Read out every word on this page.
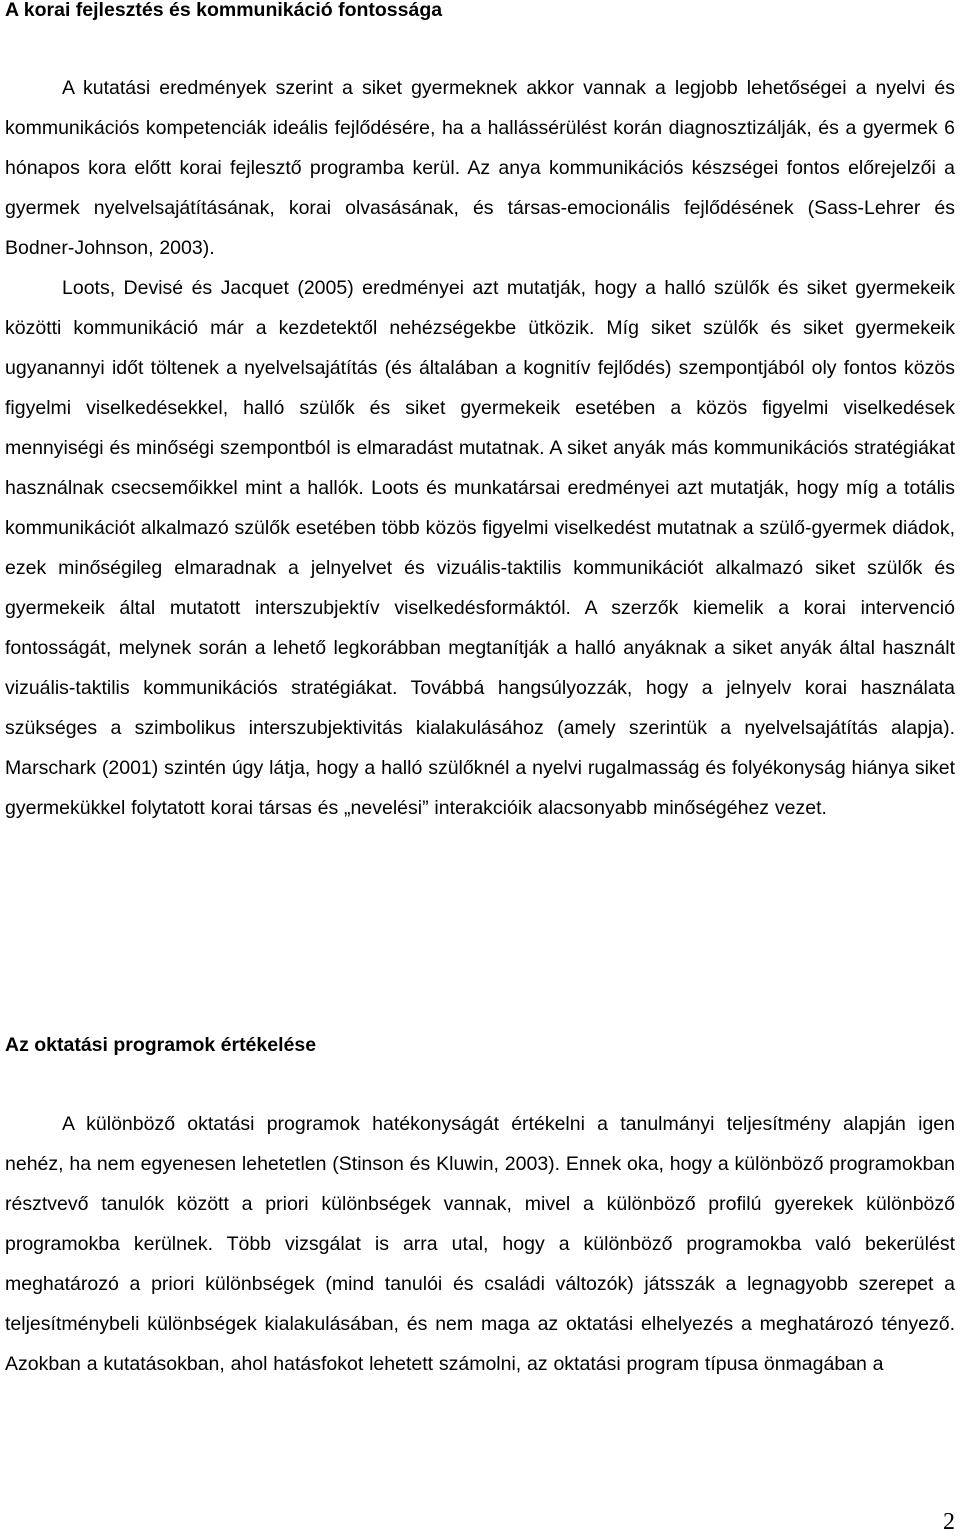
A korai fejlesztés és kommunikáció fontossága
A kutatási eredmények szerint a siket gyermeknek akkor vannak a legjobb lehetőségei a nyelvi és kommunikációs kompetenciák ideális fejlődésére, ha a hallássérülést korán diagnosztizálják, és a gyermek 6 hónapos kora előtt korai fejlesztő programba kerül. Az anya kommunikációs készségei fontos előrejelzői a gyermek nyelvelsajátításának, korai olvasásának, és társas-emocionális fejlődésének (Sass-Lehrer és Bodner-Johnson, 2003).
Loots, Devisé és Jacquet (2005) eredményei azt mutatják, hogy a halló szülők és siket gyermekeik közötti kommunikáció már a kezdetektől nehézségekbe ütközik. Míg siket szülők és siket gyermekeik ugyanannyi időt töltenek a nyelvelsajátítás (és általában a kognitív fejlődés) szempontjából oly fontos közös figyelmi viselkedésekkel, halló szülők és siket gyermekeik esetében a közös figyelmi viselkedések mennyiségi és minőségi szempontból is elmaradást mutatnak. A siket anyák más kommunikációs stratégiákat használnak csecsemőikkel mint a hallók. Loots és munkatársai eredményei azt mutatják, hogy míg a totális kommunikációt alkalmazó szülők esetében több közös figyelmi viselkedést mutatnak a szülő-gyermek diádok, ezek minőségileg elmaradnak a jelnyelvet és vizuális-taktilis kommunikációt alkalmazó siket szülők és gyermekeik által mutatott interszubjektív viselkedésformáktól. A szerzők kiemelik a korai intervenció fontosságát, melynek során a lehető legkorábban megtanítják a halló anyáknak a siket anyák által használt vizuális-taktilis kommunikációs stratégiákat. Továbbá hangsúlyozzák, hogy a jelnyelv korai használata szükséges a szimbolikus interszubjektivitás kialakulásához (amely szerintük a nyelvelsajátítás alapja). Marschark (2001) szintén úgy látja, hogy a halló szülőknél a nyelvi rugalmasság és folyékonyság hiánya siket gyermekükkel folytatott korai társas és „nevelési” interakcióik alacsonyabb minőségéhez vezet.
Az oktatási programok értékelése
A különböző oktatási programok hatékonyságát értékelni a tanulmányi teljesítmény alapján igen nehéz, ha nem egyenesen lehetetlen (Stinson és Kluwin, 2003). Ennek oka, hogy a különböző programokban résztvevő tanulók között a priori különbségek vannak, mivel a különböző profilú gyerekek különböző programokba kerülnek. Több vizsgálat is arra utal, hogy a különböző programokba való bekerülést meghatározó a priori különbségek (mind tanulói és családi változók) játsszák a legnagyobb szerepet a teljesítménybeli különbségek kialakulásában, és nem maga az oktatási elhelyezés a meghatározó tényező. Azokban a kutatásokban, ahol hatásfokot lehetett számolni, az oktatási program típusa önmagában a
2
